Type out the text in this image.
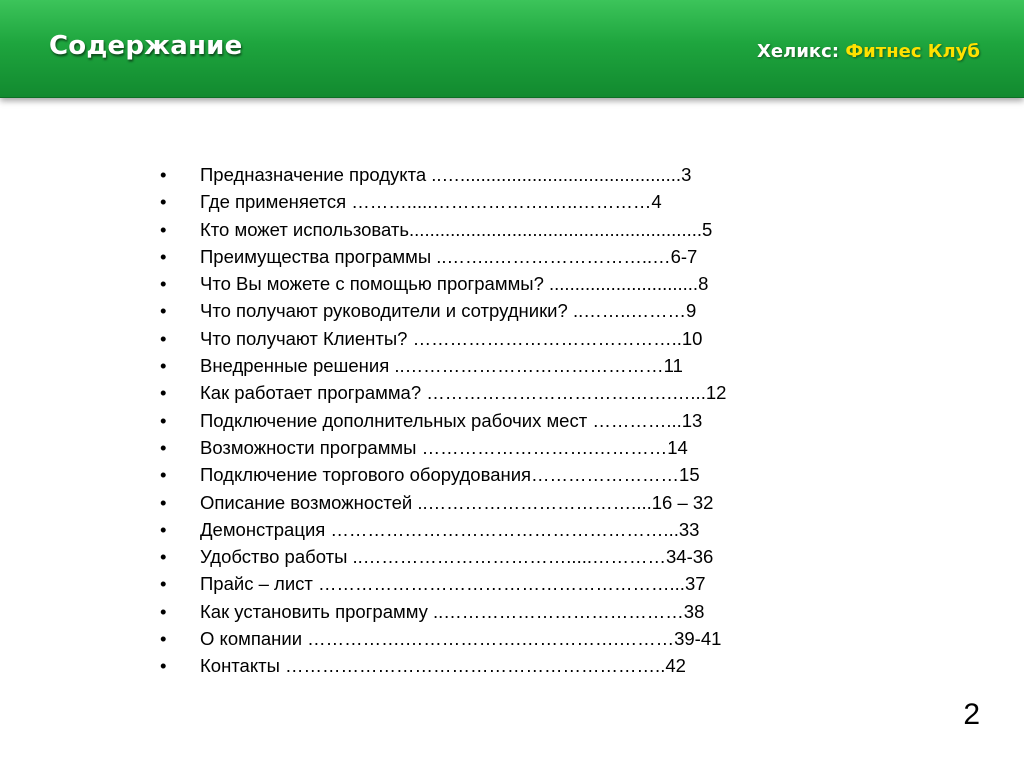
Содержание	Хеликс: Фитнес Клуб
•	Предназначение продукта ..…...........................................3
•	Где применяется ……….....……………….…..…………4
•	Кто может использовать.........................................................5
•	Преимущества программы ..……..……………………..…6-7
•	Что Вы можете с помощью программы? .............................8
•	Что получают руководители и сотрудники? ..……..………9
•	Что получают Клиенты? ……………………………………..10
•	Внедренные решения ..……………………………………11
•	Как работает программа? ………………………………….…...12
•	Подключение дополнительных рабочих мест …………...13
•	Возможности программы ……………………….…………14
•	Подключение торгового оборудования……………………15
•	Описание возможностей ..……………………………....16 – 32
•	Демонстрация ………………………………………………...33
•	Удобство работы ..…………………………….....…………34-36
•	Прайс – лист …………………………………………………...37
•	Как установить программу ..…………………………………38
•	О компании …………….……………….…………….………39-41
•	Контакты ……………………………………………………..42
2
